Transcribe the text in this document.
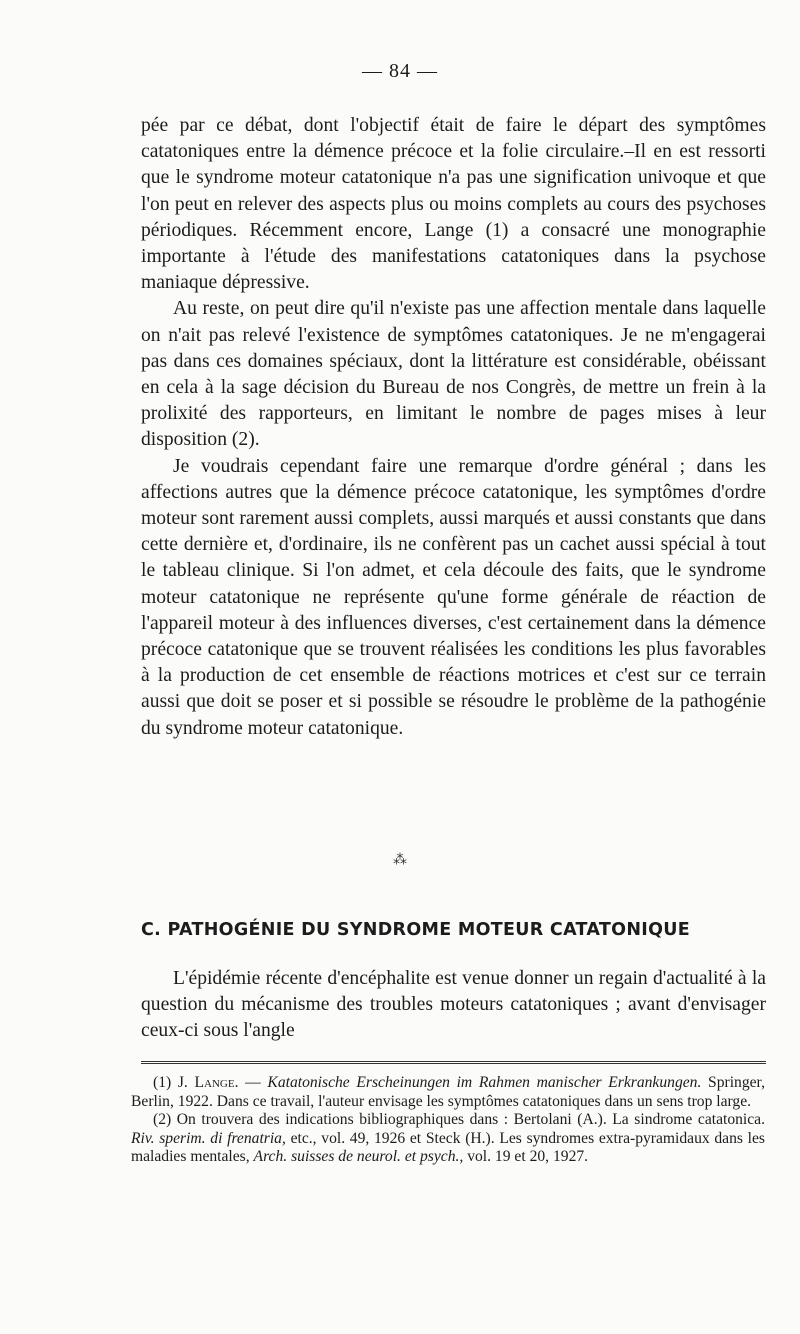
— 84 —

pée par ce débat, dont l'objectif était de faire le départ des symptômes catatoniques entre la démence précoce et la folie circulaire.–Il en est ressorti que le syndrome moteur catatonique n'a pas une signification univoque et que l'on peut en relever des aspects plus ou moins complets au cours des psychoses périodiques. Récemment encore, Lange (1) a consacré une monographie importante à l'étude des manifestations catatoniques dans la psychose maniaque dépressive.

Au reste, on peut dire qu'il n'existe pas une affection mentale dans laquelle on n'ait pas relevé l'existence de symptômes catatoniques. Je ne m'engagerai pas dans ces domaines spéciaux, dont la littérature est considérable, obéissant en cela à la sage décision du Bureau de nos Congrès, de mettre un frein à la prolixité des rapporteurs, en limitant le nombre de pages mises à leur disposition (2).

Je voudrais cependant faire une remarque d'ordre général ; dans les affections autres que la démence précoce catatonique, les symptômes d'ordre moteur sont rarement aussi complets, aussi marqués et aussi constants que dans cette dernière et, d'ordinaire, ils ne confèrent pas un cachet aussi spécial à tout le tableau clinique. Si l'on admet, et cela découle des faits, que le syndrome moteur catatonique ne représente qu'une forme générale de réaction de l'appareil moteur à des influences diverses, c'est certainement dans la démence précoce catatonique que se trouvent réalisées les conditions les plus favorables à la production de cet ensemble de réactions motrices et c'est sur ce terrain aussi que doit se poser et si possible se résoudre le problème de la pathogénie du syndrome moteur catatonique.

⁂
C. PATHOGÉNIE DU SYNDROME MOTEUR CATATONIQUE
L'épidémie récente d'encéphalite est venue donner un regain d'actualité à la question du mécanisme des troubles moteurs catatoniques ; avant d'envisager ceux-ci sous l'angle

(1) J. Lange. — Katatonische Erscheinungen im Rahmen manischer Erkrankungen. Springer, Berlin, 1922. Dans ce travail, l'auteur envisage les symptômes catatoniques dans un sens trop large.

(2) On trouvera des indications bibliographiques dans : Bertolani (A.). La sindrome catatonica. Riv. sperim. di frenatria, etc., vol. 49, 1926 et Steck (H.). Les syndromes extra-pyramidaux dans les maladies mentales, Arch. suisses de neurol. et psych., vol. 19 et 20, 1927.
